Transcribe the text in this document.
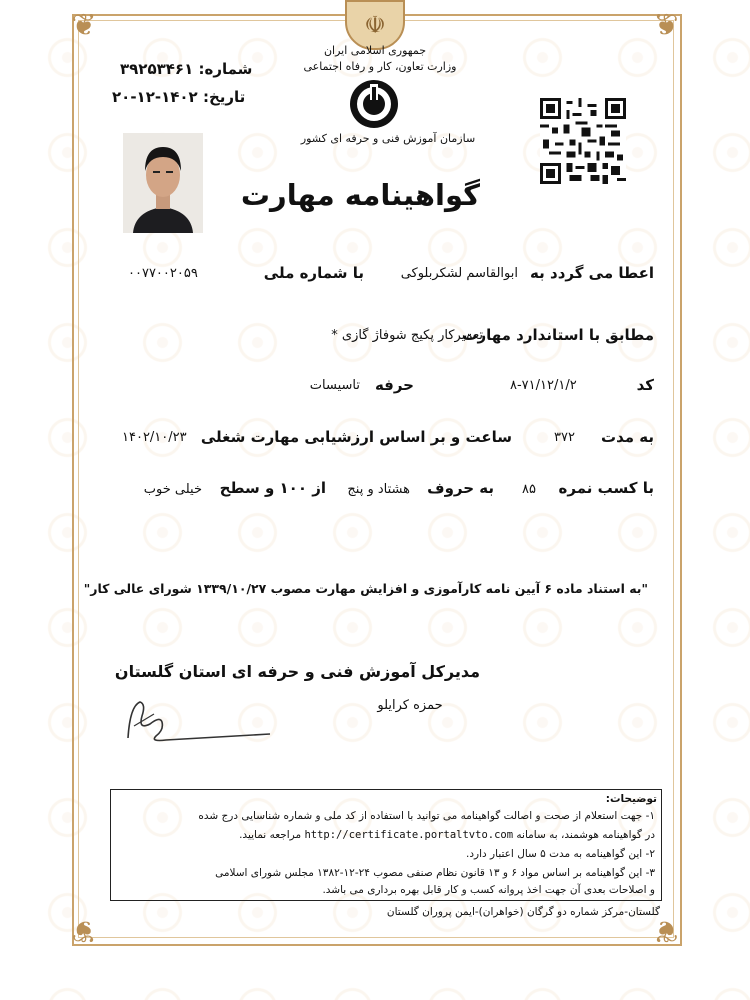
❦	❦
❦	❦
☫
شماره: ۳۹۲۵۳۴۶۱
تاریخ: ۱۴۰۲-۱۲-۲۰
جمهوری اسلامی ایران
وزارت تعاون، کار و رفاه اجتماعی
سازمان آموزش فنی و حرفه ای کشور
گواهینامه مهارت
اعطا می گردد به
ابوالقاسم لشکربلوکی
با شماره ملی
۰۰۷۷۰۰۲۰۵۹
مطابق با استاندارد مهارت
تعمیرکار پکیج شوفاژ گازی *
کد
۸-۷۱/۱۲/۱/۲
حرفه
تاسیسات
به مدت
۳۷۲
ساعت و بر اساس ارزشیابی مهارت شغلی
۱۴۰۲/۱۰/۲۳
با کسب نمره
۸۵
به حروف
هشتاد و پنج
از ۱۰۰ و سطح
خیلی خوب
"به استناد ماده ۶ آیین نامه کارآموزی و افزایش مهارت مصوب ۱۳۳۹/۱۰/۲۷ شورای عالی کار"
مدیرکل آموزش فنی و حرفه ای استان گلستان
حمزه کرایلو
توضیحات:
۱- جهت استعلام از صحت و اصالت گواهینامه می توانید با استفاده از کد ملی و شماره شناسایی درج شده
در گواهینامه هوشمند، به سامانه http://certificate.portaltvto.com مراجعه نمایید.
۲- این گواهینامه به مدت ۵ سال اعتبار دارد.
۳- این گواهینامه بر اساس مواد ۶ و ۱۳ قانون نظام صنفی مصوب ۲۴-۱۲-۱۳۸۲ مجلس شورای اسلامی
و اصلاحات بعدی آن جهت اخذ پروانه کسب و کار قابل بهره برداری می باشد.
گلستان-مرکز شماره دو گرگان (خواهران)-ایمن پروران گلستان
